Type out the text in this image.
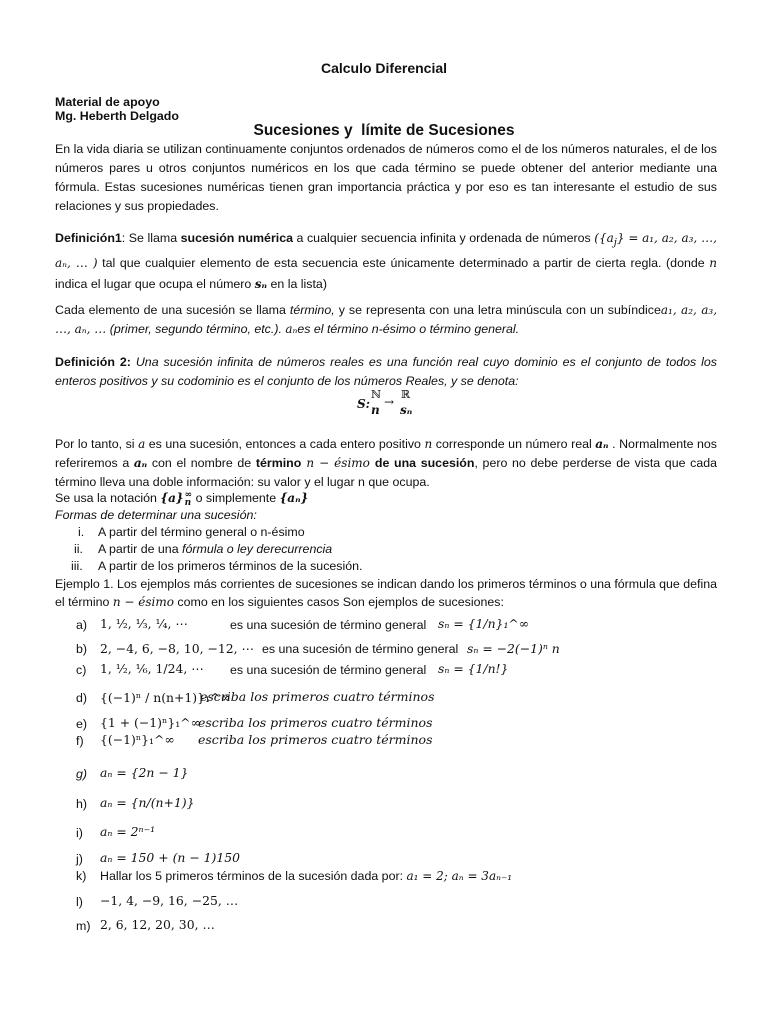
Calculo Diferencial
Material de apoyo
Mg. Heberth Delgado
Sucesiones y  límite de Sucesiones
En la vida diaria se utilizan continuamente conjuntos ordenados de números como el de los números naturales, el de los números pares u otros conjuntos numéricos en los que cada término se puede obtener del anterior mediante una fórmula. Estas sucesiones numéricas tienen gran importancia práctica y por eso es tan interesante el estudio de sus relaciones y sus propiedades.
Definición1: Se llama sucesión numérica a cualquier secuencia infinita y ordenada de números ($\{a_j\} = a_1$, a₂, a₃, …, aₙ, … ) tal que cualquier elemento de esta secuencia este únicamente determinado a partir de cierta regla. (donde n indica el lugar que ocupa el número sₙ en la lista)
Cada elemento de una sucesión se llama término, y se representa con una letra minúscula con un subíndicea₁, a₂, a₃, …, aₙ, … (primer, segundo término, etc.). aₙes el término n-ésimo o término general.
Definición 2: Una sucesión infinita de números reales es una función real cuyo dominio es el conjunto de todos los enteros positivos y su codominio es el conjunto de los números Reales, y se denota:
S:
ℕ
n
→
ℝ
sₙ
Por lo tanto, si a es una sucesión, entonces a cada entero positivo n corresponde un número real aₙ . Normalmente nos referiremos a aₙ con el nombre de término n − ésimo de una sucesión, pero no debe perderse de vista que cada término lleva una doble información: su valor y el lugar n que ocupa.
Se usa la notación {a} ∞
n o simplemente {aₙ}
Formas de determinar una sucesión:
i. A partir del término general o n-ésimo
ii. A partir de una fórmula o ley derecurrencia
iii. A partir de los primeros términos de la sucesión.
Ejemplo 1. Los ejemplos más corrientes de sucesiones se indican dando los primeros términos o una fórmula que defina el término n − ésimo como en los siguientes casos Son ejemplos de sucesiones:
a) 1, ½, ⅓, ¼, ⋯	es una sucesión de término general sₙ = {1/n}₁^∞
b) 2, −4, 6, −8, 10, −12, ⋯ es una sucesión de término general sₙ = −2(−1)ⁿ n
c) 1, ½, ⅙, 1/24, ⋯ es una sucesión de término general sₙ = {1/n!}
d) {(−1)ⁿ / n(n+1)}₁^∞
escriba los primeros cuatro términos
e) {1 + (−1)ⁿ}₁^∞
escriba los primeros cuatro términos
f) {(−1)ⁿ}₁^∞ escriba los primeros cuatro términos
g) aₙ = {2n − 1}
h) aₙ = {n/(n+1)}
i) aₙ = 2ⁿ⁻¹
j) aₙ = 150 + (n − 1)150
k) Hallar los 5 primeros términos de la sucesión dada por: a₁ = 2; aₙ = 3aₙ₋₁
l) −1, 4, −9, 16, −25, …
m) 2, 6, 12, 20, 30, …
